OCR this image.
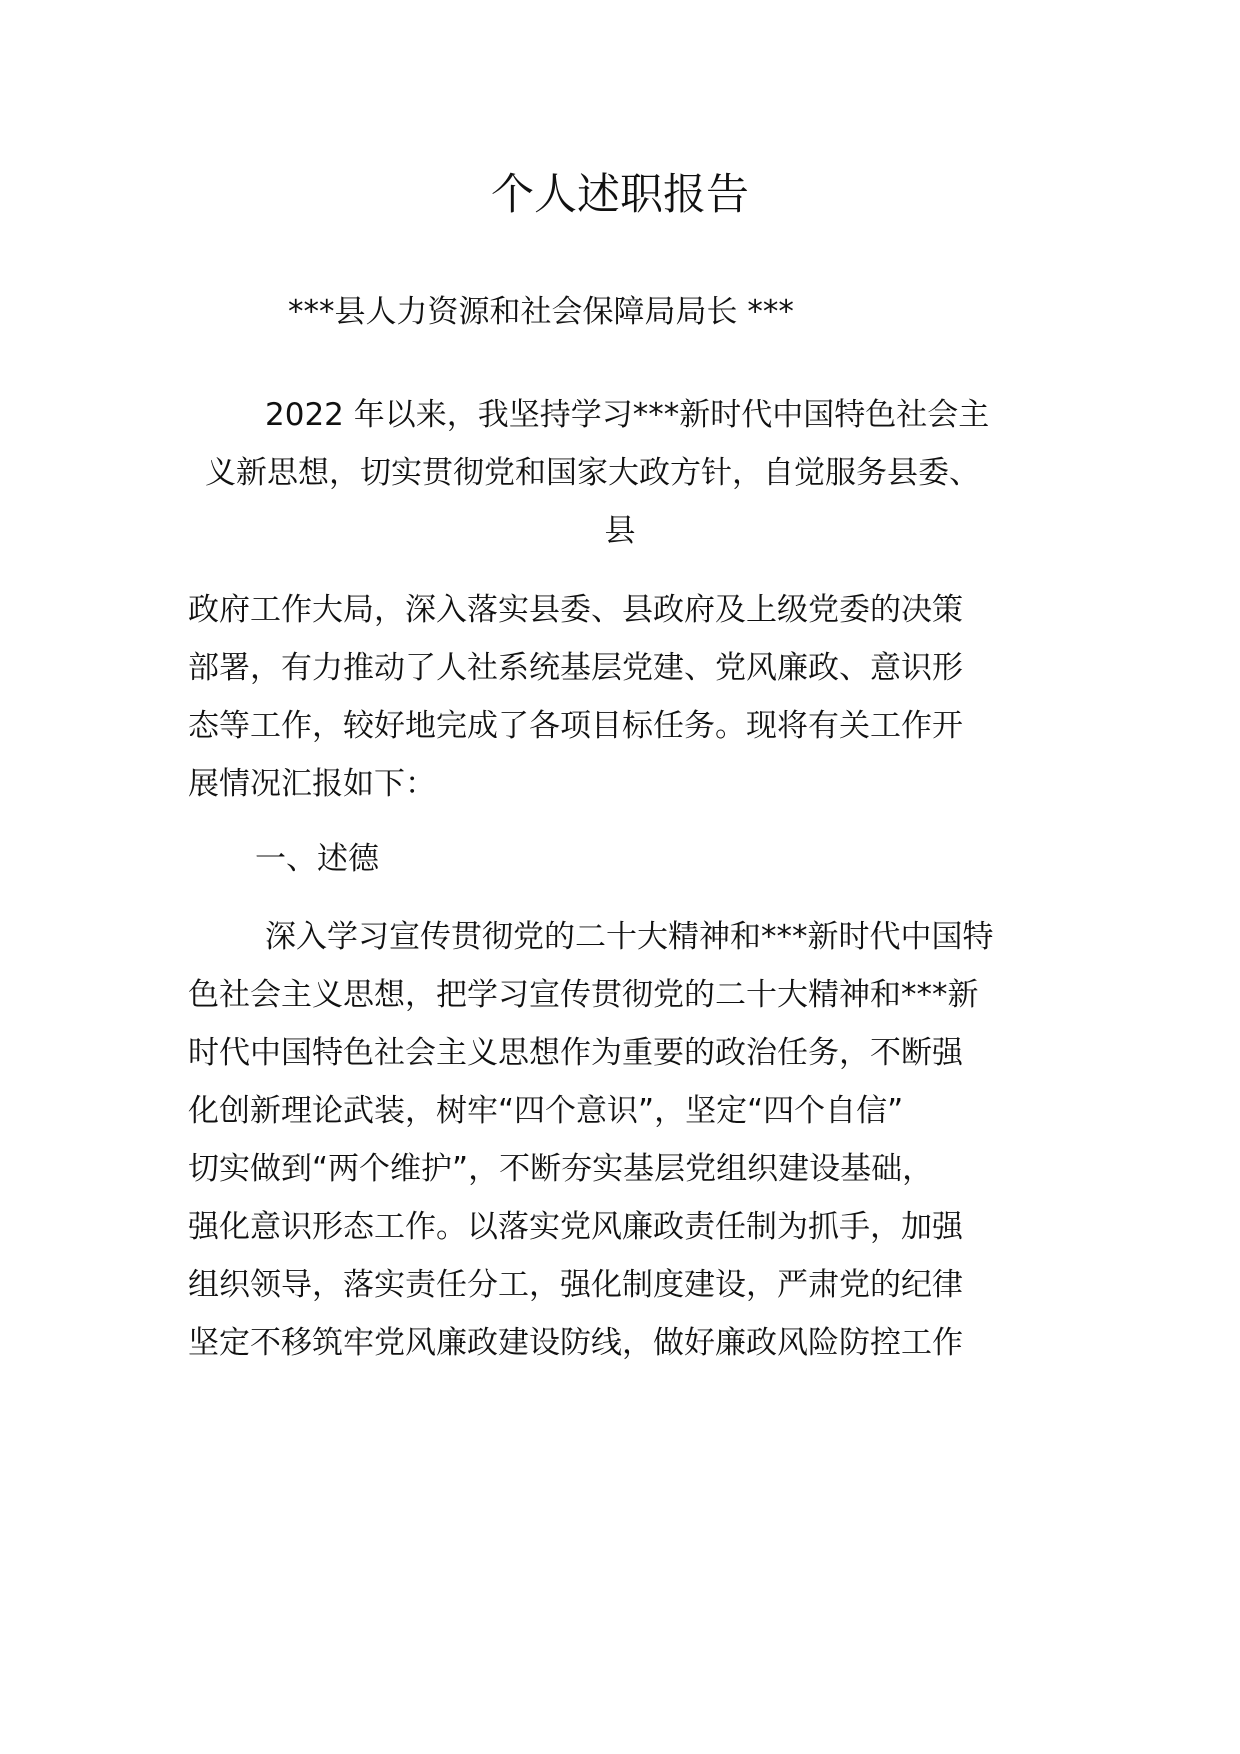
个人述职报告
***县人力资源和社会保障局局长 ***
2022 年以来，我坚持学习***新时代中国特色社会主
义新思想，切实贯彻党和国家大政方针，自觉服务县委、
县
政府工作大局，深入落实县委、县政府及上级党委的决策
部署，有力推动了人社系统基层党建、党风廉政、意识形
态等工作，较好地完成了各项目标任务。现将有关工作开
展情况汇报如下：
一、述德
深入学习宣传贯彻党的二十大精神和***新时代中国特
色社会主义思想，把学习宣传贯彻党的二十大精神和***新
时代中国特色社会主义思想作为重要的政治任务，不断强
化创新理论武装，树牢“四个意识”，坚定“四个自信”
切实做到“两个维护”，不断夯实基层党组织建设基础，
强化意识形态工作。以落实党风廉政责任制为抓手，加强
组织领导，落实责任分工，强化制度建设，严肃党的纪律
坚定不移筑牢党风廉政建设防线，做好廉政风险防控工作
